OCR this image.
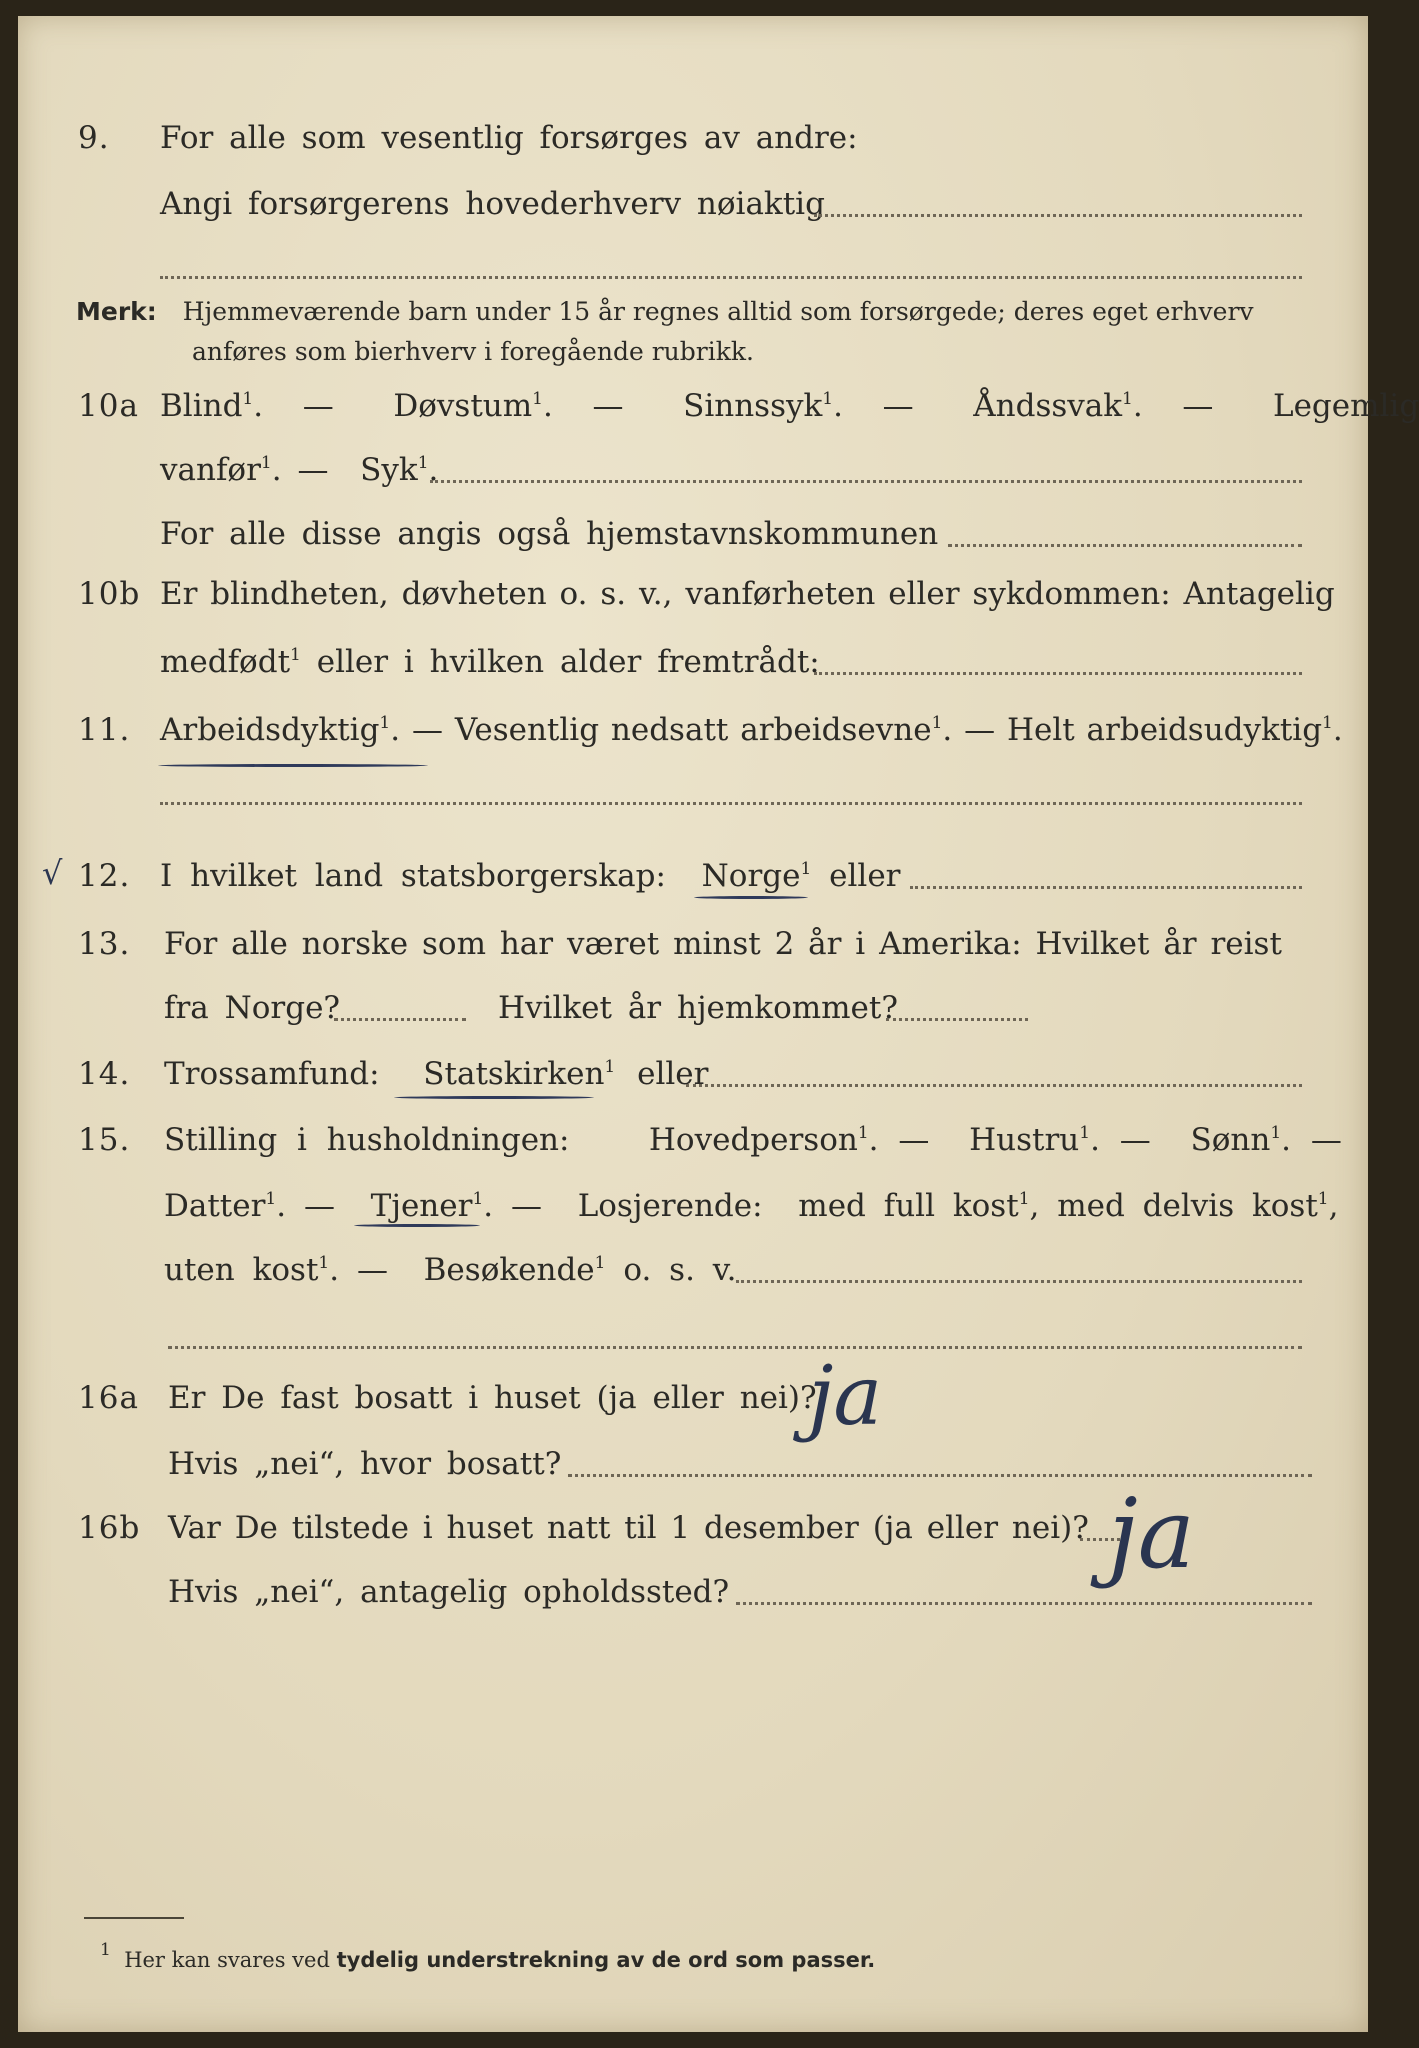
9. For alle som vesentlig forsørges av andre:
Angi forsørgerens hovederhverv nøiaktig
Merk: Hjemmeværende barn under 15 år regnes alltid som forsørgede; deres eget erhverv
anføres som bierhverv i foregående rubrikk.
10a Blind$^1$.  —   Døvstum$^1$.  —   Sinnssyk$^1$.  —   Åndssvak$^1$.  —   Legemlig
vanfør$^1$. —  Syk$^1$.
For alle disse angis også hjemstavnskommunen
10b Er blindheten, døvheten o. s. v., vanførheten eller sykdommen: Antagelig
medfødt$^1$ eller i hvilken alder fremtrådt:
11. Arbeidsdyktig$^1$. — Vesentlig nedsatt arbeidsevne$^1$. — Helt arbeidsudyktig$^1$.
√ 12. I hvilket land statsborgerskap: Norge$^1$ eller
13. For alle norske som har været minst 2 år i Amerika: Hvilket år reist
fra Norge?	Hvilket år hjemkommet?
14. Trossamfund: Statskirken$^1$ eller
15. Stilling i husholdningen:	Hovedperson$^1$. —  Hustru$^1$. —  Sønn$^1$. —
Datter$^1$. —  Tjener$^1$. —  Losjerende: med full kost$^1$, med delvis kost$^1$,
uten kost$^1$. —  Besøkende$^1$ o. s. v.
16a Er De fast bosatt i huset (ja eller nei)?
ja
Hvis „nei“, hvor bosatt?
16b Var De tilstede i huset natt til 1 desember (ja eller nei)? ja
Hvis „nei“, antagelig opholdssted?
$^1$ Her kan svares ved tydelig understrekning av de ord som passer.
